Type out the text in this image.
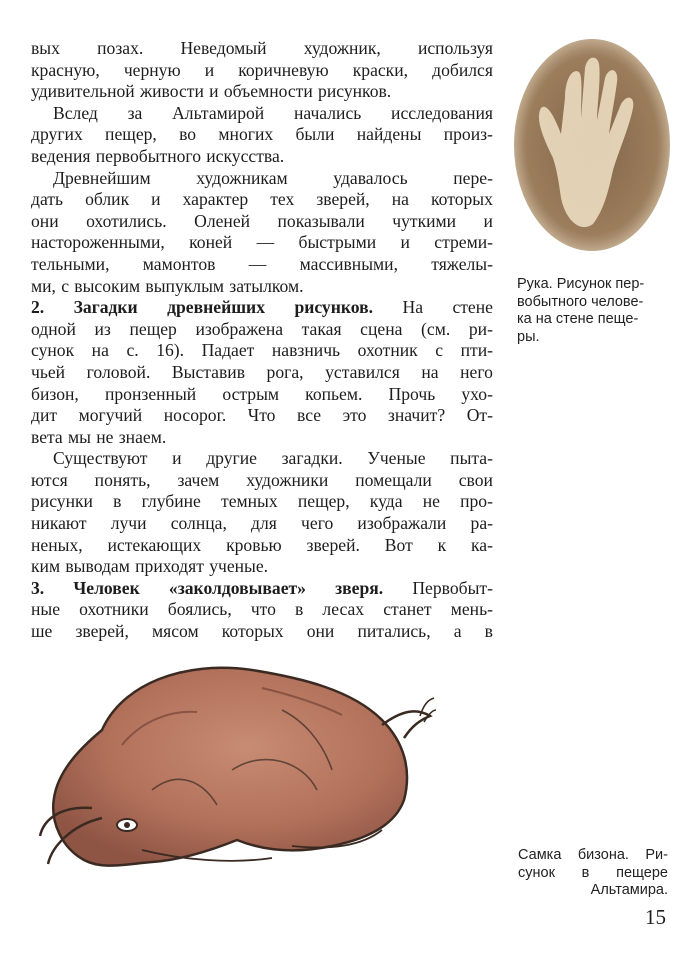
вых позах. Неведомый художник, используя
красную, черную и коричневую краски, добился
удивительной живости и объемности рисунков.
Вслед за Альтамирой начались исследования
других пещер, во многих были найдены произ-
ведения первобытного искусства.
Древнейшим	художникам	удавалось	пере-
дать облик и характер тех зверей, на которых
они охотились. Оленей показывали чуткими и
настороженными, коней — быстрыми и стреми-
тельными, мамонтов — массивными, тяжелы-
ми, с высоким выпуклым затылком.
2. Загадки древнейших рисунков. На стене
одной из пещер изображена такая сцена (см. ри-
сунок на с. 16). Падает навзничь охотник с пти-
чьей головой. Выставив рога, уставился на него
бизон, пронзенный острым копьем. Прочь ухо-
дит могучий носорог. Что все это значит? От-
вета мы не знаем.
Существуют и другие загадки. Ученые пыта-
ются понять, зачем художники помещали свои
рисунки в глубине темных пещер, куда не про-
никают лучи солнца, для чего изображали ра-
неных, истекающих кровью зверей. Вот к ка-
ким выводам приходят ученые.
3. Человек «заколдовывает» зверя. Первобыт-
ные охотники боялись, что в лесах станет мень-
ше зверей, мясом которых они питались, а в
Рука. Рисунок пер-
вобытного челове-
ка на стене пеще-
ры.
Самка бизона. Ри-
сунок в пещере
Альтамира.
15
